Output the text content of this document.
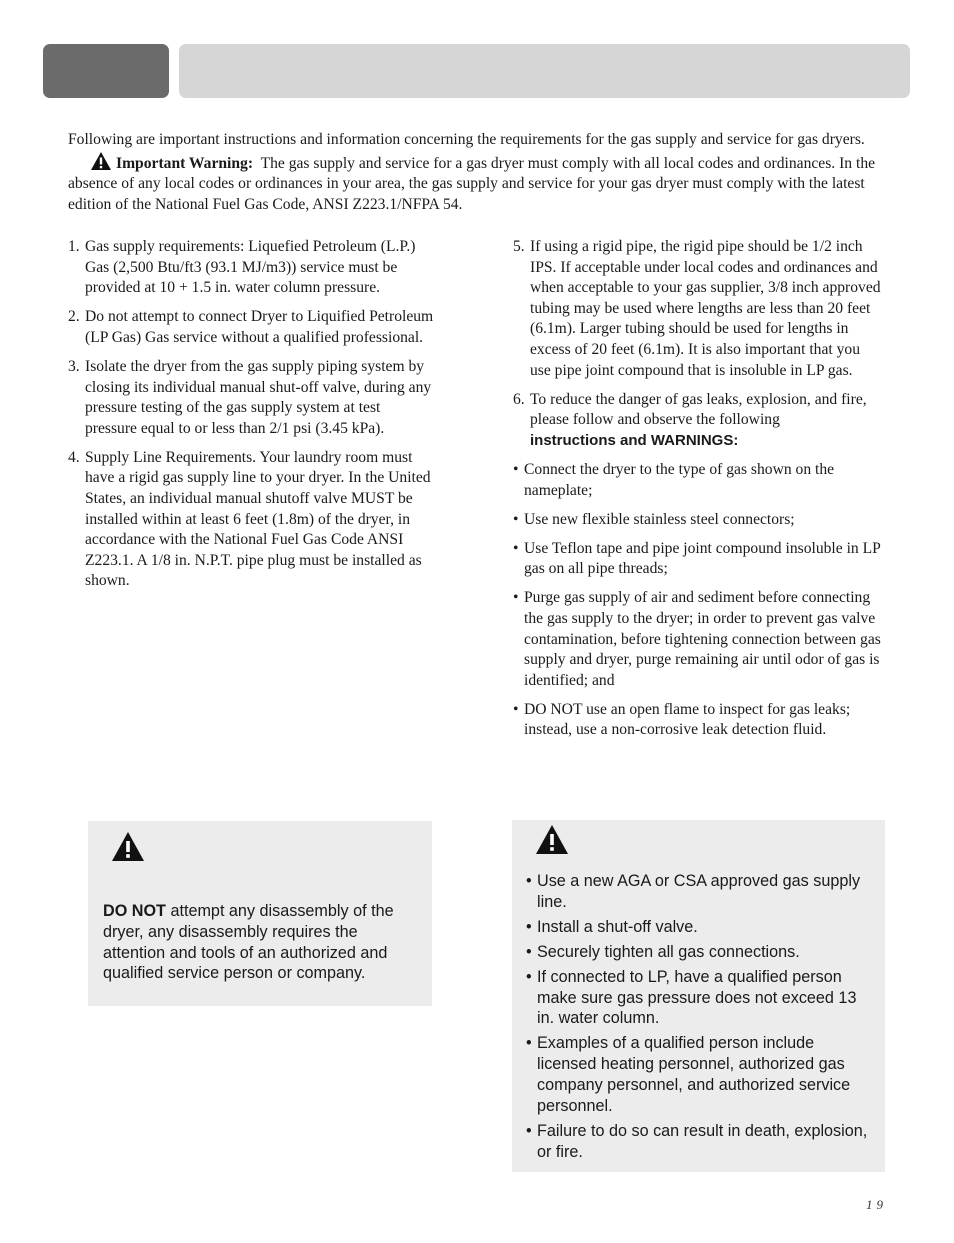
Following are important instructions and information concerning the requirements for the gas supply and service for gas dryers.Important Warning: The gas supply and service for a gas dryer must comply with all local codes and ordinances. In the absence of any local codes or ordinances in your area, the gas supply and service for your gas dryer must comply with the latest edition of the National Fuel Gas Code, ANSI Z223.1/NFPA 54.

1. Gas supply requirements: Liquefied Petroleum (L.P.) Gas (2,500 Btu/ft3 (93.1 MJ/m3)) service must be provided at 10 + 1.5 in. water column pressure.
2. Do not attempt to connect Dryer to Liquified Petroleum (LP Gas) Gas service without a qualified professional.
3. Isolate the dryer from the gas supply piping system by closing its individual manual shut-off valve, during any pressure testing of the gas supply system at test pressure equal to or less than 2/1 psi (3.45 kPa).
4. Supply Line Requirements. Your laundry room must have a rigid gas supply line to your dryer. In the United States, an individual manual shutoff valve MUST be installed within at least 6 feet (1.8m) of the dryer, in accordance with the National Fuel Gas Code ANSI Z223.1. A 1/8 in. N.P.T. pipe plug must be installed as shown.
5. If using a rigid pipe, the rigid pipe should be 1/2 inch IPS. If acceptable under local codes and ordinances and when acceptable to your gas supplier, 3/8 inch approved tubing may be used where lengths are less than 20 feet (6.1m). Larger tubing should be used for lengths in excess of 20 feet (6.1m). It is also important that you use pipe joint compound that is insoluble in LP gas.
6. To reduce the danger of gas leaks, explosion, and fire, please follow and observe the following
instructions and WARNINGS:
• Connect the dryer to the type of gas shown on the nameplate;
• Use new flexible stainless steel connectors;
• Use Teflon tape and pipe joint compound insoluble in LP gas on all pipe threads;
• Purge gas supply of air and sediment before connecting the gas supply to the dryer; in order to prevent gas valve contamination, before tightening connection between gas supply and dryer, purge remaining air until odor of gas is identified; and
• DO NOT use an open flame to inspect for gas leaks; instead, use a non-corrosive leak detection fluid.

DO NOT attempt any disassembly of the dryer, any disassembly requires the attention and tools of an authorized and qualified service person or company.

• Use a new AGA or CSA approved gas supply line.
• Install a shut-off valve.
• Securely tighten all gas connections.
• If connected to LP, have a qualified person make sure gas pressure does not exceed 13 in. water column.
• Examples of a qualified person include licensed heating personnel, authorized gas company personnel, and authorized service personnel.
• Failure to do so can result in death, explosion, or fire.
19
